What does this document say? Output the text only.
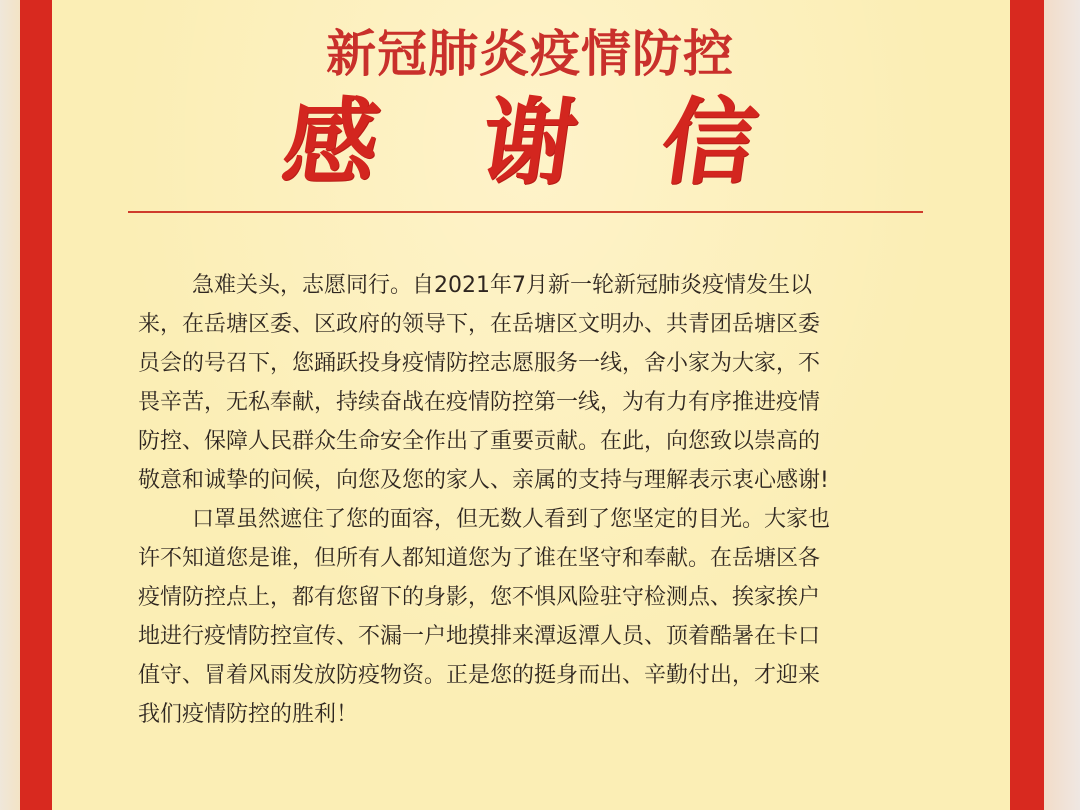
新冠肺炎疫情防控
感 谢 信
急难关头，志愿同行。自2021年7月新一轮新冠肺炎疫情发生以
来，在岳塘区委、区政府的领导下，在岳塘区文明办、共青团岳塘区委
员会的号召下，您踊跃投身疫情防控志愿服务一线，舍小家为大家，不
畏辛苦，无私奉献，持续奋战在疫情防控第一线，为有力有序推进疫情
防控、保障人民群众生命安全作出了重要贡献。在此，向您致以崇高的
敬意和诚挚的问候，向您及您的家人、亲属的支持与理解表示衷心感谢!
口罩虽然遮住了您的面容，但无数人看到了您坚定的目光。大家也
许不知道您是谁，但所有人都知道您为了谁在坚守和奉献。在岳塘区各
疫情防控点上，都有您留下的身影，您不惧风险驻守检测点、挨家挨户
地进行疫情防控宣传、不漏一户地摸排来潭返潭人员、顶着酷暑在卡口
值守、冒着风雨发放防疫物资。正是您的挺身而出、辛勤付出，才迎来
我们疫情防控的胜利！
